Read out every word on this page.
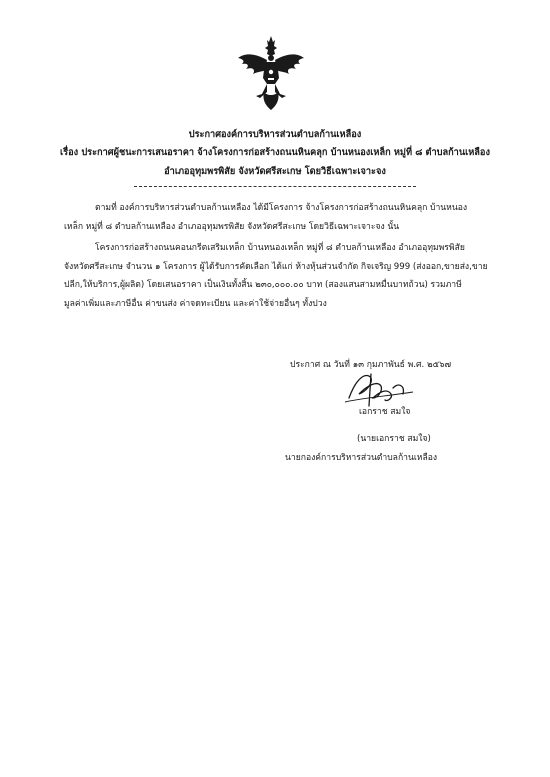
ประกาศองค์การบริหารส่วนตำบลก้านเหลือง
เรื่อง ประกาศผู้ชนะการเสนอราคา จ้างโครงการก่อสร้างถนนหินคลุก บ้านหนองเหล็ก หมู่ที่ ๘ ตำบลก้านเหลือง
อำเภออุทุมพรพิสัย จังหวัดศรีสะเกษ โดยวิธีเฉพาะเจาะจง
ตามที่ องค์การบริหารส่วนตำบลก้านเหลือง ได้มีโครงการ จ้างโครงการก่อสร้างถนนหินคลุก บ้านหนอง
เหล็ก หมู่ที่ ๘ ตำบลก้านเหลือง อำเภออุทุมพรพิสัย จังหวัดศรีสะเกษ โดยวิธีเฉพาะเจาะจง นั้น
โครงการก่อสร้างถนนคอนกรีตเสริมเหล็ก บ้านหนองเหล็ก หมู่ที่ ๘ ตำบลก้านเหลือง อำเภออุทุมพรพิสัย
จังหวัดศรีสะเกษ จำนวน ๑ โครงการ ผู้ได้รับการคัดเลือก ได้แก่ ห้างหุ้นส่วนจำกัด กิจเจริญ 999 (ส่งออก,ขายส่ง,ขาย
ปลีก,ให้บริการ,ผู้ผลิต) โดยเสนอราคา เป็นเงินทั้งสิ้น ๒๓๐,๐๐๐.๐๐ บาท (สองแสนสามหมื่นบาทถ้วน) รวมภาษี
มูลค่าเพิ่มและภาษีอื่น ค่าขนส่ง ค่าจดทะเบียน และค่าใช้จ่ายอื่นๆ ทั้งปวง
ประกาศ ณ วันที่ ๑๓ กุมภาพันธ์ พ.ศ. ๒๕๖๗
เอกราช สมใจ
(นายเอกราช สมใจ)
นายกองค์การบริหารส่วนตำบลก้านเหลือง
